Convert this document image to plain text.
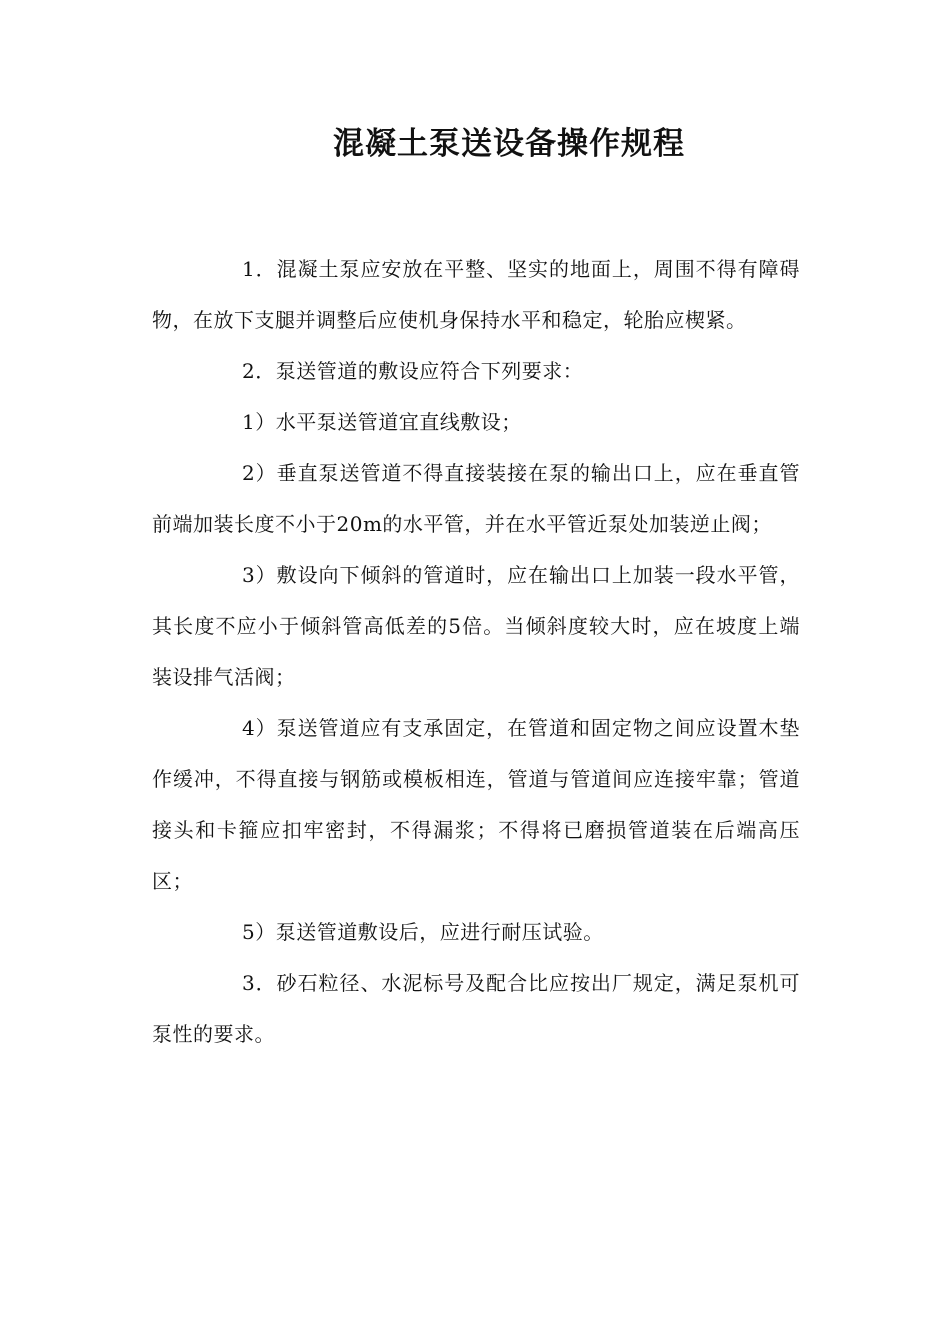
混凝土泵送设备操作规程

1．混凝土泵应安放在平整、坚实的地面上，周围不得有障碍物，在放下支腿并调整后应使机身保持水平和稳定，轮胎应楔紧。

2．泵送管道的敷设应符合下列要求：

1）水平泵送管道宜直线敷设；

2）垂直泵送管道不得直接装接在泵的输出口上，应在垂直管前端加装长度不小于20m的水平管，并在水平管近泵处加装逆止阀；

3）敷设向下倾斜的管道时，应在输出口上加装一段水平管，其长度不应小于倾斜管高低差的5倍。当倾斜度较大时，应在坡度上端装设排气活阀；

4）泵送管道应有支承固定，在管道和固定物之间应设置木垫作缓冲，不得直接与钢筋或模板相连，管道与管道间应连接牢靠；管道接头和卡箍应扣牢密封，不得漏浆；不得将已磨损管道装在后端高压区；

5）泵送管道敷设后，应进行耐压试验。

3．砂石粒径、水泥标号及配合比应按出厂规定，满足泵机可泵性的要求。
